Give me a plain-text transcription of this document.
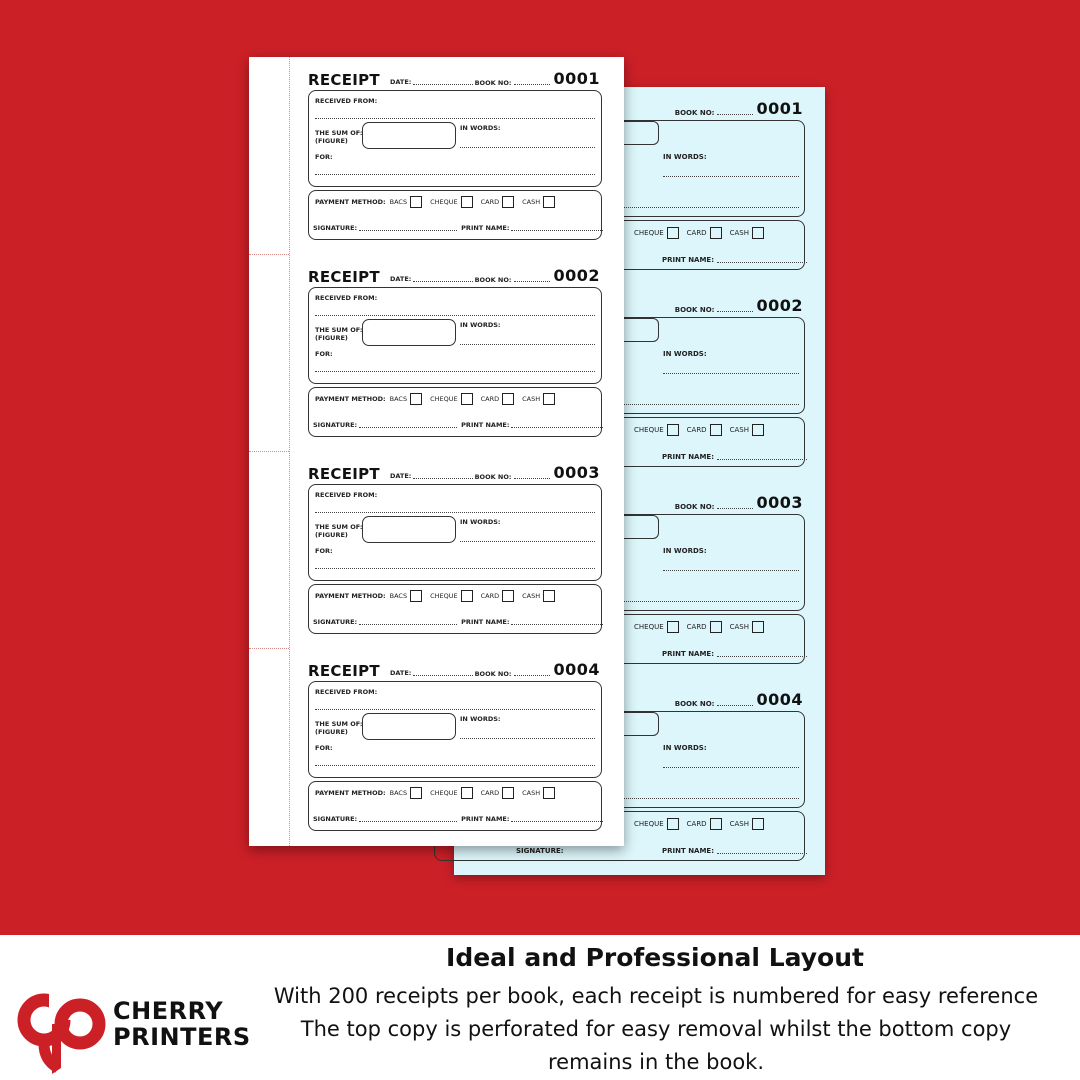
BOOK NO:	0001
IN WORDS:
CHEQUE	CARD	CASH
PRINT NAME:
BOOK NO:	0002
IN WORDS:
CHEQUE	CARD	CASH
PRINT NAME:
BOOK NO:	0003
IN WORDS:
CHEQUE	CARD	CASH
PRINT NAME:
BOOK NO:	0004
IN WORDS:
CHEQUE	CARD	CASH
PRINT NAME:
SIGNATURE:
RECEIPT DATE:	BOOK NO:	0001
RECEIVED FROM:
THE SUM OF:
(FIGURE)
IN WORDS:
FOR:
PAYMENT METHOD: BACS	CHEQUE	CARD	CASH
SIGNATURE:	PRINT NAME:
RECEIPT DATE:	BOOK NO:	0002
RECEIVED FROM:
THE SUM OF:
(FIGURE)
IN WORDS:
FOR:
PAYMENT METHOD: BACS	CHEQUE	CARD	CASH
SIGNATURE:	PRINT NAME:
RECEIPT DATE:	BOOK NO:	0003
RECEIVED FROM:
THE SUM OF:
(FIGURE)
IN WORDS:
FOR:
PAYMENT METHOD: BACS	CHEQUE	CARD	CASH
SIGNATURE:	PRINT NAME:
RECEIPT DATE:	BOOK NO:	0004
RECEIVED FROM:
THE SUM OF:
(FIGURE)
IN WORDS:
FOR:
PAYMENT METHOD: BACS	CHEQUE	CARD	CASH
SIGNATURE:	PRINT NAME:
CHERRY
PRINTERS
Ideal and Professional Layout
With 200 receipts per book, each receipt is numbered for easy reference
The top copy is perforated for easy removal whilst the bottom copy
remains in the book.
